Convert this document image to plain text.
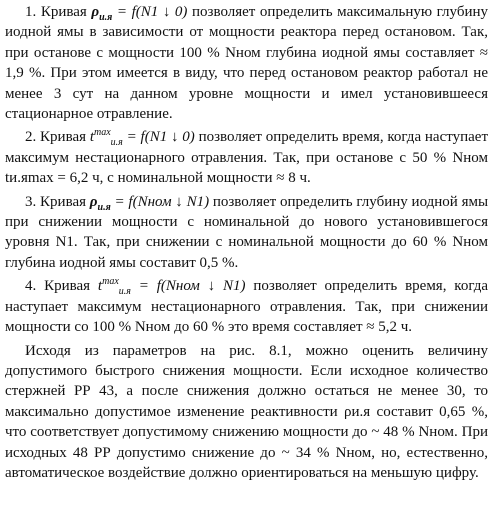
1. Кривая $\rho_{и.я} = f(N1$ ↓ 0) позволяет определить максимальную глубину иодной ямы в зависимости от мощности реактора перед остановом. Так, при останове с мощности 100 % Nном глубина иодной ямы составляет ≈ 1,9 %. При этом имеется в виду, что перед остановом реактор работал не менее 3 сут на данном уровне мощности и имел установившееся стационарное отравление.

2. Кривая $t^{max}_{и.я} = f(N1$ ↓ 0) позволяет определить время, когда наступает максимум нестационарного отравления. Так, при останове с 50 % Nном tи.яmax = 6,2 ч, с номинальной мощности ≈ 8 ч.

3. Кривая $\rho_{и.я}$ = f(Nном ↓ N1) позволяет определить глубину иодной ямы при снижении мощности с номинальной до нового установившегося уровня N1. Так, при снижении с номинальной мощности до 60 % Nном глубина иодной ямы составит 0,5 %.

4. Кривая $t^{max}_{и.я}$ = f(Nном ↓ N1) позволяет определить время, когда наступает максимум нестационарного отравления. Так, при снижении мощности со 100 % Nном до 60 % это время составляет ≈ 5,2 ч.

Исходя из параметров на рис. 8.1, можно оценить величину допустимого быстрого снижения мощности. Если исходное количество стержней РР 43, а после снижения должно остаться не менее 30, то максимально допустимое изменение реактивности ρи.я составит 0,65 %, что соответствует допустимому снижению мощности до ~ 48 % Nном. При исходных 48 РР допустимо снижение до ~ 34 % Nном, но, естественно, автоматическое воздействие должно ориентироваться на меньшую цифру.
